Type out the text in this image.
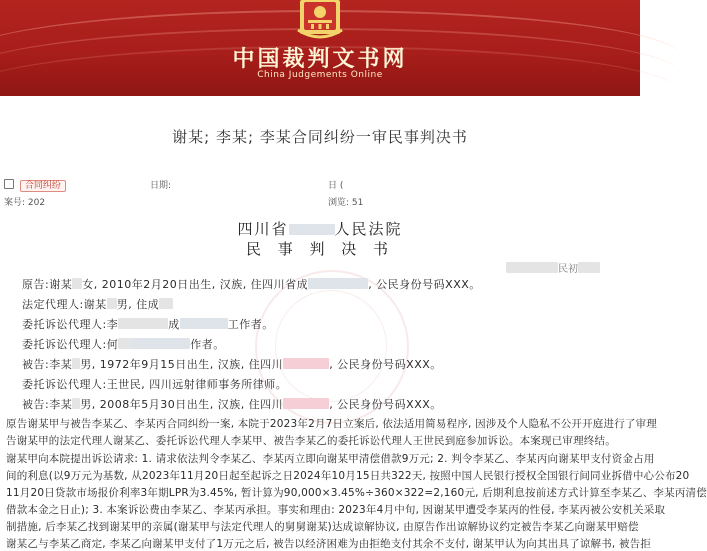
中国裁判文书网
China Judgements Online
谢某; 李某; 李某合同纠纷一审民事判决书
合同纠纷	日期:	日 (
案号: 202	浏览: 51
四川省	人民法院
民 事 判 决 书
民初
原告:谢某 女, 2010年2月20日出生, 汉族, 住四川省成	, 公民身份号码XXX。
法定代理人:谢某 男, 住成
委托诉讼代理人:李	成	工作者。
委托诉讼代理人:何	作者。
被告:李某 男, 1972年9月15日出生, 汉族, 住四川	, 公民身份号码XXX。
委托诉讼代理人:王世民, 四川远射律师事务所律师。
被告:李某 男, 2008年5月30日出生, 汉族, 住四川	, 公民身份号码XXX。
原告谢某甲与被告李某乙、李某丙合同纠纷一案, 本院于2023年2月7日立案后, 依法适用简易程序, 因涉及个人隐私不公开开庭进行了审理
告谢某甲的法定代理人谢某乙、委托诉讼代理人李某甲、被告李某乙的委托诉讼代理人王世民到庭参加诉讼。本案现已审理终结。
谢某甲向本院提出诉讼请求: 1. 请求依法判令李某乙、李某丙立即向谢某甲清偿借款9万元; 2. 判令李某乙、李某丙向谢某甲支付资金占用
间的利息(以9万元为基数, 从2023年11月20日起至起诉之日2024年10月15日共322天, 按照中国人民银行授权全国银行间同业拆借中心公布20
11月20日贷款市场报价利率3年期LPR为3.45%, 暂计算为90,000×3.45%÷360×322=2,160元, 后期利息按前述方式计算至李某乙、李某丙清偿
借款本金之日止); 3. 本案诉讼费由李某乙、李某丙承担。事实和理由: 2023年4月中旬, 因谢某甲遭受李某丙的性侵, 李某丙被公安机关采取
制措施, 后李某乙找到谢某甲的亲属(谢某甲与法定代理人的舅舅谢某)达成谅解协议, 由原告作出谅解协议约定被告李某乙向谢某甲赔偿
谢某乙与李某乙商定, 李某乙向谢某甲支付了1万元之后, 被告以经济困难为由拒绝支付其余不支付, 谢某甲认为向其出具了谅解书, 被告拒
